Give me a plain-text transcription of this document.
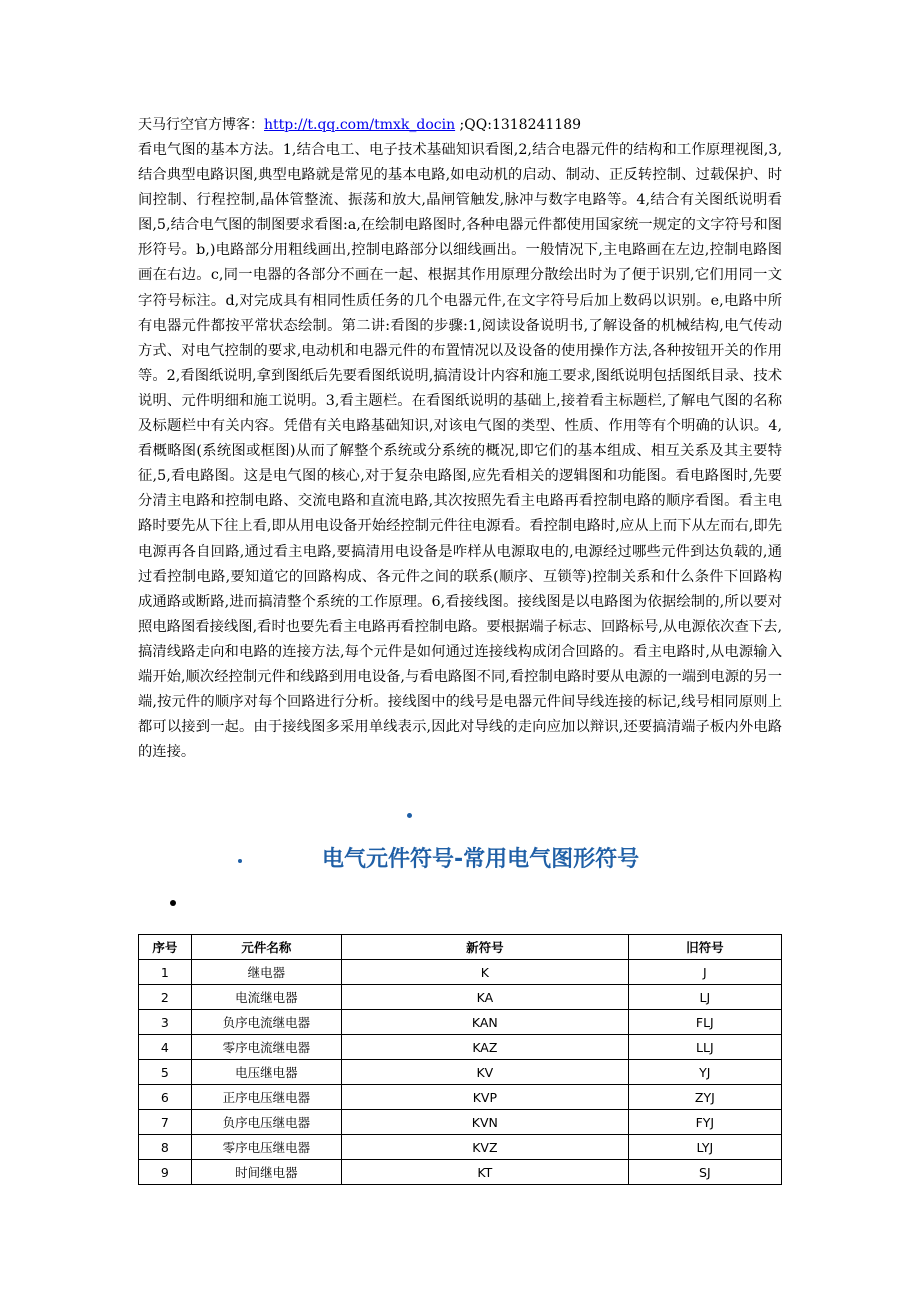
天马行空官方博客：http://t.qq.com/tmxk_docin ;QQ:1318241189

看电气图的基本方法。1,结合电工、电子技术基础知识看图,2,结合电器元件的结构和工作原理视图,3,结合典型电路识图,典型电路就是常见的基本电路,如电动机的启动、制动、正反转控制、过载保护、时间控制、行程控制,晶体管整流、振荡和放大,晶闸管触发,脉冲与数字电路等。4,结合有关图纸说明看图,5,结合电气图的制图要求看图:a,在绘制电路图时,各种电器元件都使用国家统一规定的文字符号和图形符号。b,)电路部分用粗线画出,控制电路部分以细线画出。一般情况下,主电路画在左边,控制电路图画在右边。c,同一电器的各部分不画在一起、根据其作用原理分散绘出时为了便于识别,它们用同一文字符号标注。d,对完成具有相同性质任务的几个电器元件,在文字符号后加上数码以识别。e,电路中所有电器元件都按平常状态绘制。第二讲:看图的步骤:1,阅读设备说明书,了解设备的机械结构,电气传动方式、对电气控制的要求,电动机和电器元件的布置情况以及设备的使用操作方法,各种按钮开关的作用等。2,看图纸说明,拿到图纸后先要看图纸说明,搞清设计内容和施工要求,图纸说明包括图纸目录、技术说明、元件明细和施工说明。3,看主题栏。在看图纸说明的基础上,接着看主标题栏,了解电气图的名称及标题栏中有关内容。凭借有关电路基础知识,对该电气图的类型、性质、作用等有个明确的认识。4,看概略图(系统图或框图)从而了解整个系统或分系统的概况,即它们的基本组成、相互关系及其主要特征,5,看电路图。这是电气图的核心,对于复杂电路图,应先看相关的逻辑图和功能图。看电路图时,先要分清主电路和控制电路、交流电路和直流电路,其次按照先看主电路再看控制电路的顺序看图。看主电路时要先从下往上看,即从用电设备开始经控制元件往电源看。看控制电路时,应从上而下从左而右,即先电源再各自回路,通过看主电路,要搞清用电设备是咋样从电源取电的,电源经过哪些元件到达负载的,通过看控制电路,要知道它的回路构成、各元件之间的联系(顺序、互锁等)控制关系和什么条件下回路构成通路或断路,进而搞清整个系统的工作原理。6,看接线图。接线图是以电路图为依据绘制的,所以要对照电路图看接线图,看时也要先看主电路再看控制电路。要根据端子标志、回路标号,从电源依次查下去,搞清线路走向和电路的连接方法,每个元件是如何通过连接线构成闭合回路的。看主电路时,从电源输入端开始,顺次经控制元件和线路到用电设备,与看电路图不同,看控制电路时要从电源的一端到电源的另一端,按元件的顺序对每个回路进行分析。接线图中的线号是电器元件间导线连接的标记,线号相同原则上都可以接到一起。由于接线图多采用单线表示,因此对导线的走向应加以辩识,还要搞清端子板内外电路的连接。

电气元件符号-常用电气图形符号
序号	元件名称	新符号	旧符号
1	继电器	K	J
2	电流继电器	KA	LJ
3	负序电流继电器	KAN	FLJ
4	零序电流继电器	KAZ	LLJ
5	电压继电器	KV	YJ
6	正序电压继电器	KVP	ZYJ
7	负序电压继电器	KVN	FYJ
8	零序电压继电器	KVZ	LYJ
9	时间继电器	KT	SJ
